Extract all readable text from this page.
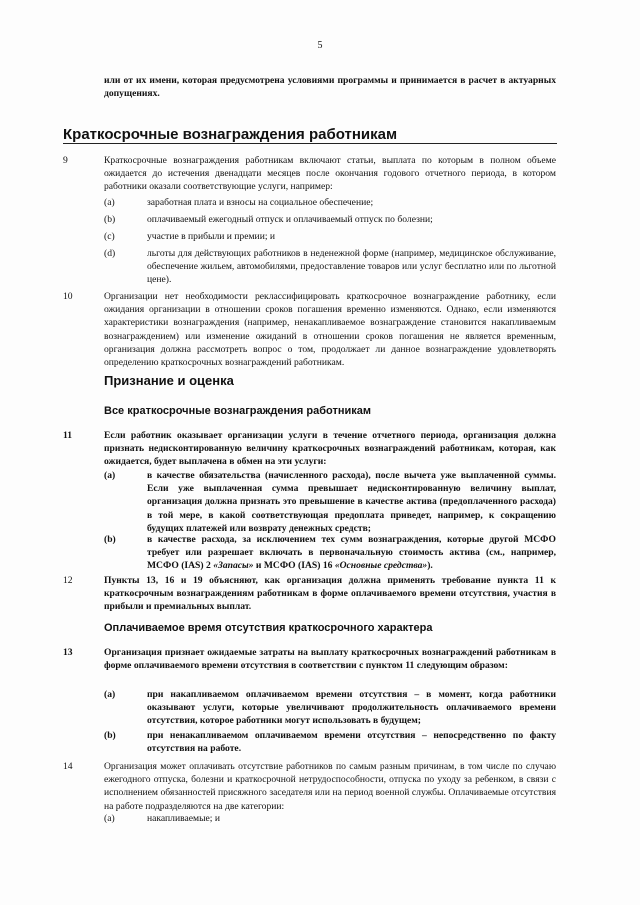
5
или от их имени, которая предусмотрена условиями программы и принимается в расчет в актуарных допущениях.
Краткосрочные вознаграждения работникам
9	Краткосрочные вознаграждения работникам включают статьи, выплата по которым в полном объеме ожидается до истечения двенадцати месяцев после окончания годового отчетного периода, в котором работники оказали соответствующие услуги, например:
(a)	заработная плата и взносы на социальное обеспечение;
(b)	оплачиваемый ежегодный отпуск и оплачиваемый отпуск по болезни;
(c)	участие в прибыли и премии; и
(d)	льготы для действующих работников в неденежной форме (например, медицинское обслуживание, обеспечение жильем, автомобилями, предоставление товаров или услуг бесплатно или по льготной цене).
10	Организации нет необходимости реклассифицировать краткосрочное вознаграждение работнику, если ожидания организации в отношении сроков погашения временно изменяются. Однако, если изменяются характеристики вознаграждения (например, ненакапливаемое вознаграждение становится накапливаемым вознаграждением) или изменение ожиданий в отношении сроков погашения не является временным, организация должна рассмотреть вопрос о том, продолжает ли данное вознаграждение удовлетворять определению краткосрочных вознаграждений работникам.
Признание и оценка
Все краткосрочные вознаграждения работникам
11	Если работник оказывает организации услуги в течение отчетного периода, организация должна признать недисконтированную величину краткосрочных вознаграждений работникам, которая, как ожидается, будет выплачена в обмен на эти услуги:
(a)	в качестве обязательства (начисленного расхода), после вычета уже выплаченной суммы. Если уже выплаченная сумма превышает недисконтированную величину выплат, организация должна признать это превышение в качестве актива (предоплаченного расхода) в той мере, в какой соответствующая предоплата приведет, например, к сокращению будущих платежей или возврату денежных средств;
(b)	в качестве расхода, за исключением тех сумм вознаграждения, которые другой МСФО требует или разрешает включать в первоначальную стоимость актива (см., например, МСФО (IAS) 2 «Запасы» и МСФО (IAS) 16 «Основные средства»).
12	Пункты 13, 16 и 19 объясняют, как организация должна применять требование пункта 11 к краткосрочным вознаграждениям работникам в форме оплачиваемого времени отсутствия, участия в прибыли и премиальных выплат.
Оплачиваемое время отсутствия краткосрочного характера
13	Организация признает ожидаемые затраты на выплату краткосрочных вознаграждений работникам в форме оплачиваемого времени отсутствия в соответствии с пунктом 11 следующим образом:
(a)	при накапливаемом оплачиваемом времени отсутствия – в момент, когда работники оказывают услуги, которые увеличивают продолжительность оплачиваемого времени отсутствия, которое работники могут использовать в будущем;
(b)	при ненакапливаемом оплачиваемом времени отсутствия – непосредственно по факту отсутствия на работе.
14	Организация может оплачивать отсутствие работников по самым разным причинам, в том числе по случаю ежегодного отпуска, болезни и краткосрочной нетрудоспособности, отпуска по уходу за ребенком, в связи с исполнением обязанностей присяжного заседателя или на период военной службы. Оплачиваемые отсутствия на работе подразделяются на две категории:
(a)	накапливаемые; и
